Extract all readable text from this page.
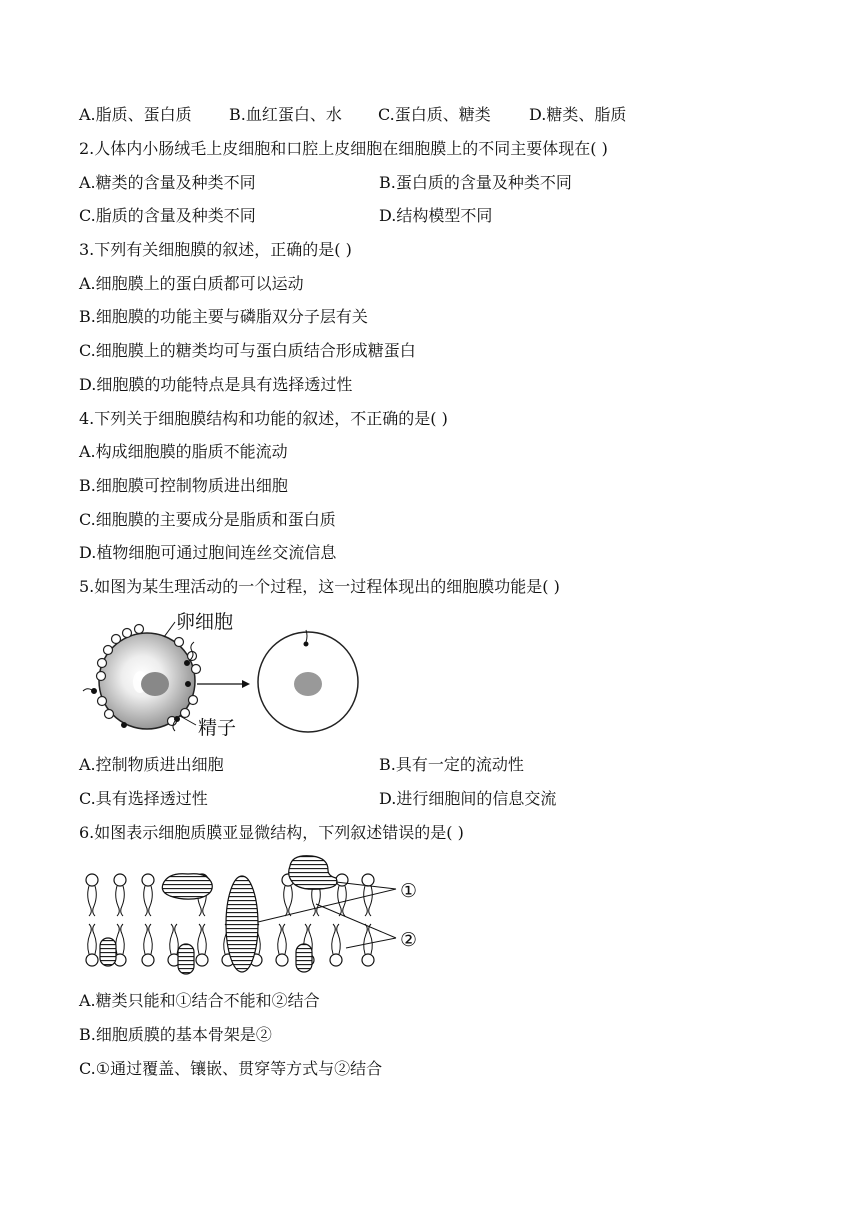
A.脂质、蛋白质 B.血红蛋白、水 C.蛋白质、糖类 D.糖类、脂质
2.人体内小肠绒毛上皮细胞和口腔上皮细胞在细胞膜上的不同主要体现在( )
A.糖类的含量及种类不同	B.蛋白质的含量及种类不同
C.脂质的含量及种类不同	D.结构模型不同
3.下列有关细胞膜的叙述，正确的是( )
A.细胞膜上的蛋白质都可以运动
B.细胞膜的功能主要与磷脂双分子层有关
C.细胞膜上的糖类均可与蛋白质结合形成糖蛋白
D.细胞膜的功能特点是具有选择透过性
4.下列关于细胞膜结构和功能的叙述，不正确的是( )
A.构成细胞膜的脂质不能流动
B.细胞膜可控制物质进出细胞
C.细胞膜的主要成分是脂质和蛋白质
D.植物细胞可通过胞间连丝交流信息
5.如图为某生理活动的一个过程，这一过程体现出的细胞膜功能是( )
卵细胞
精子
A.控制物质进出细胞	B.具有一定的流动性
C.具有选择透过性	D.进行细胞间的信息交流
6.如图表示细胞质膜亚显微结构，下列叙述错误的是( )
①
②
A.糖类只能和①结合不能和②结合
B.细胞质膜的基本骨架是②
C.①通过覆盖、镶嵌、贯穿等方式与②结合
